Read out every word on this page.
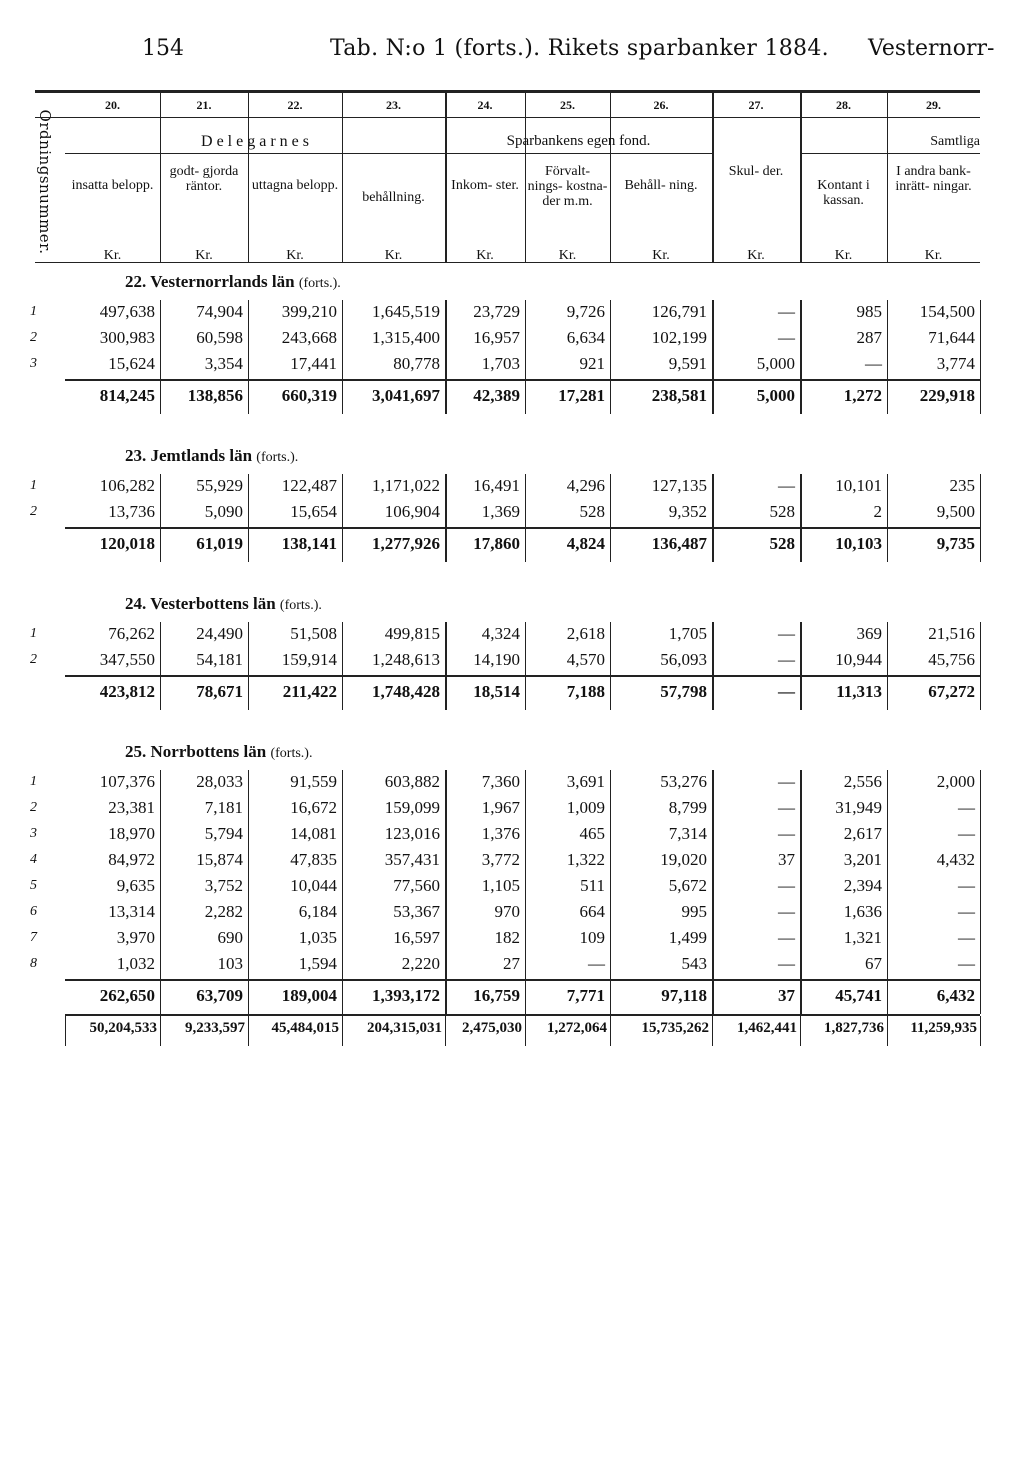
154	Tab. N:o 1 (forts.). Rikets sparbanker 1884. Vesternorr-
Ordningsnummer.
20.	21.	22.	23.	24.	25.	26.	27.	28.	29.
D e l e g a r n e s	Sparbankens egen fond.	Samtliga
insatta belopp.
godt- gjorda räntor.	uttagna belopp.
behållning.
Inkom- ster.
Förvalt- nings- kostna- der m.m.
Behåll- ning.
Skul- der.
Kontant i kassan.
I andra bank- inrätt- ningar.
Kr.	Kr.	Kr.	Kr.	Kr.	Kr.	Kr.	Kr.	Kr.	Kr.
22. Vesternorrlands län (forts.).
1	497,638	74,904	399,210	1,645,519	23,729	9,726	126,791	—	985	154,500
2	300,983	60,598	243,668	1,315,400	16,957	6,634	102,199	—	287	71,644
3	15,624	3,354	17,441	80,778	1,703	921	9,591	5,000	—	3,774
814,245	138,856	660,319	3,041,697	42,389	17,281	238,581	5,000	1,272	229,918
23. Jemtlands län (forts.).
1	106,282	55,929	122,487	1,171,022	16,491	4,296	127,135	—	10,101	235
2	13,736	5,090	15,654	106,904	1,369	528	9,352	528	2	9,500
120,018	61,019	138,141	1,277,926	17,860	4,824	136,487	528	10,103	9,735
24. Vesterbottens län (forts.).
1	76,262	24,490	51,508	499,815	4,324	2,618	1,705	—	369	21,516
2	347,550	54,181	159,914	1,248,613	14,190	4,570	56,093	—	10,944	45,756
423,812	78,671	211,422	1,748,428	18,514	7,188	57,798	—	11,313	67,272
25. Norrbottens län (forts.).
1	107,376	28,033	91,559	603,882	7,360	3,691	53,276	—	2,556	2,000
2	23,381	7,181	16,672	159,099	1,967	1,009	8,799	—	31,949	—
3	18,970	5,794	14,081	123,016	1,376	465	7,314	—	2,617	—
4	84,972	15,874	47,835	357,431	3,772	1,322	19,020	37	3,201	4,432
5	9,635	3,752	10,044	77,560	1,105	511	5,672	—	2,394	—
6	13,314	2,282	6,184	53,367	970	664	995	—	1,636	—
7	3,970	690	1,035	16,597	182	109	1,499	—	1,321	—
8	1,032	103	1,594	2,220	27	—	543	—	67	—
262,650	63,709	189,004	1,393,172	16,759	7,771	97,118	37	45,741	6,432
50,204,533	9,233,597	45,484,015	204,315,031	2,475,030	1,272,064	15,735,262	1,462,441	1,827,736	11,259,935
